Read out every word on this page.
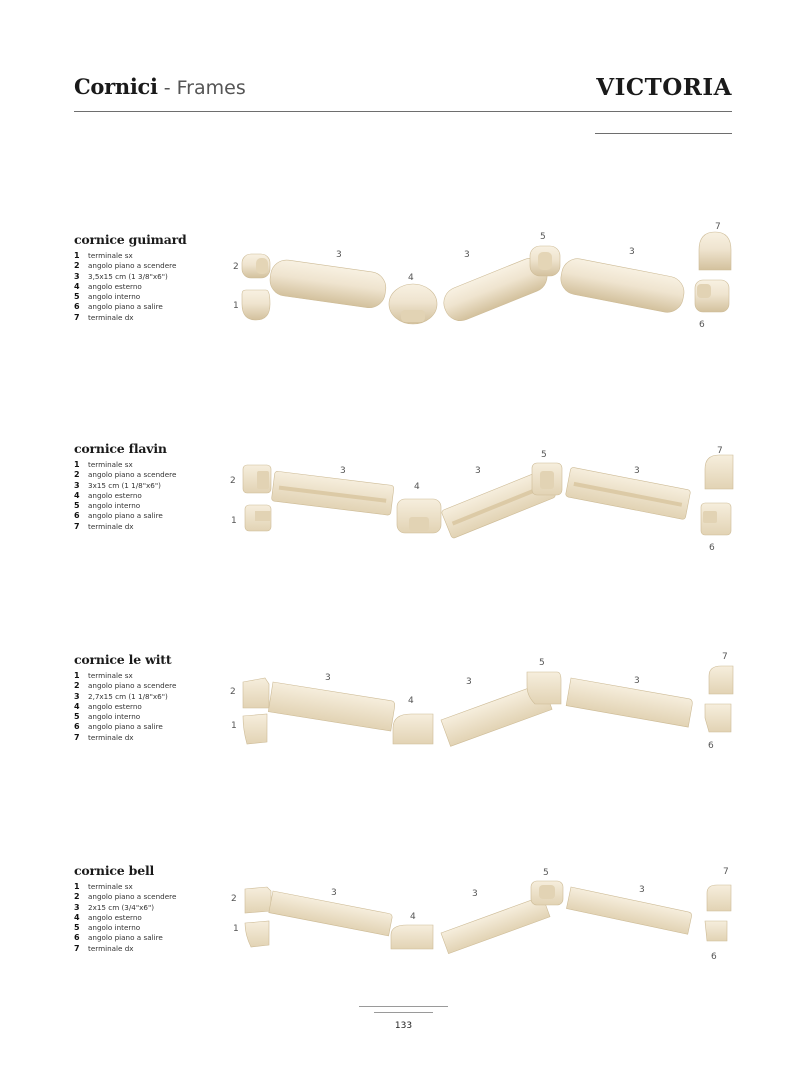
Cornici - Frames	VICTORIA
cornice guimard
1 terminale sx
2 angolo piano a scendere
3 3,5x15 cm (1 3/8"x6")
4 angolo esterno
5 angolo interno
6 angolo piano a salire
7 terminale dx
2
1
3
4
3
5
3
7
6
cornice flavin
1 terminale sx
2 angolo piano a scendere
3 3x15 cm (1 1/8"x6")
4 angolo esterno
5 angolo interno
6 angolo piano a salire
7 terminale dx
2
1
3
4
3
5
3
7
6
cornice le witt
1 terminale sx
2 angolo piano a scendere
3 2,7x15 cm (1 1/8"x6")
4 angolo esterno
5 angolo interno
6 angolo piano a salire
7 terminale dx
2
1
3
4
3
5
3
7
6
cornice bell
1 terminale sx
2 angolo piano a scendere
3 2x15 cm (3/4"x6")
4 angolo esterno
5 angolo interno
6 angolo piano a salire
7 terminale dx
2
1
3
4
3
5
3
7
6
133
